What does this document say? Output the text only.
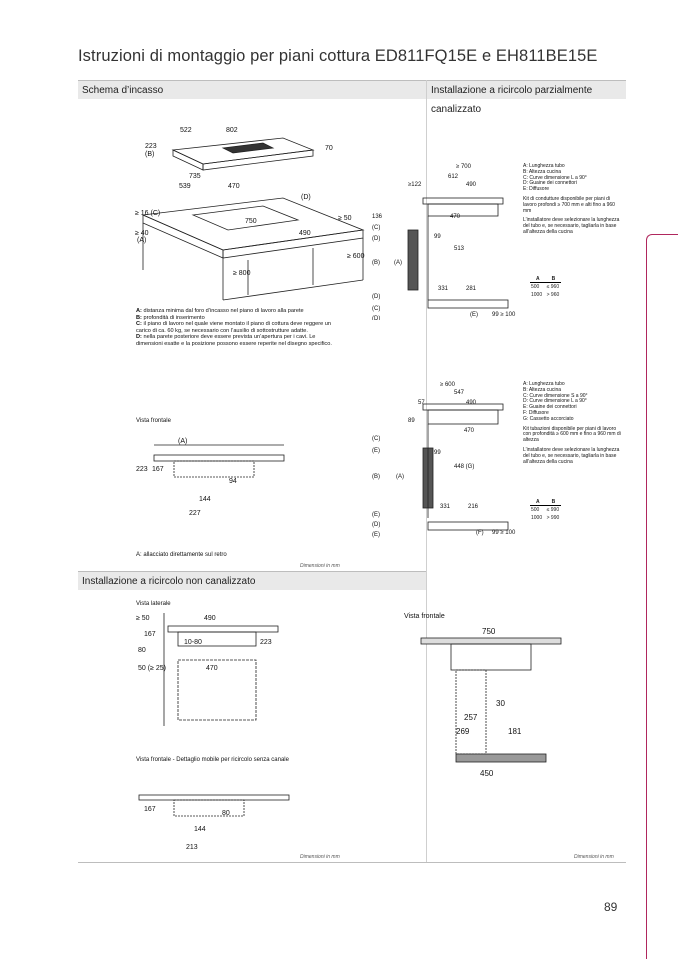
Istruzioni di montaggio per piani cottura ED811FQ15E e EH811BE15E
Schema d’incasso	Installazione a ricircolo parzialmente canalizzato
Installazione a ricircolo non canalizzato
522	802
223
(B)
70
735
539	470
≥ 16 (C)
≥ 40
(A)
(D)
750
490
≥ 50
≥ 600
≥ 800
A: distanza minima dal foro d’incasso nel piano di lavoro alla parete
B: profondità di inserimento
C: il piano di lavoro nel quale viene montato il piano di cottura deve reggere un carico di ca. 60 kg, se necessario con l’ausilio di sottostrutture adatte.
D: nella parete posteriore deve essere prevista un’apertura per i cavi. Le dimensioni esatte e la posizione possono essere reperite nel disegno specifico.
Vista frontale
(A)
223 167
94
144
227
A: allacciato direttamente sul retro
Dimensioni in mm
Vista laterale
≥ 50	490
167
10-80	223
80
50 (≥ 25)	470
Vista frontale - Dettaglio mobile per ricircolo senza canale
167
80
144
213
Dimensioni in mm
≥ 700
612
≥122	490
136	470
(C)
(D)	99
513
(B) (A)
331	281
(D)
(C)
(D)
(E) 99 ≥ 100
A: Lunghezza tubo
B: Altezza cucina
C: Curve dimensione L a 90°
D: Guaine dei connettori
E: Diffusore
Kit di condutture disponibile per piani di lavoro profondi ≥ 700 mm e alti fino a 960 mm
L’installatore deve selezionare la lunghezza del tubo e, se necessario, tagliarla in base all’altezza della cucina
A	B
500	≤ 960
1000	> 960
≥ 600
547
57	490
89
470
(C)
(E)	99
448 (G)
(B)	(A)
331	216
(E)
(D)
(E)	(F) 99 ≥ 100
A: Lunghezza tubo
B: Altezza cucina
C: Curve dimensione S a 90°
D: Curve dimensione L a 90°
E: Guaine dei connettori
F: Diffusore
G: Cassetto accorciato
Kit tubazioni disponibile per piani di lavoro con profondità ≥ 600 mm e fino a 960 mm di altezza
L’installatore deve selezionare la lunghezza del tubo e, se necessario, tagliarla in base all’altezza della cucina
A	B
500	≤ 990
1000	> 990
Vista frontale
750
30
257
269	181
450
Dimensioni in mm
89
